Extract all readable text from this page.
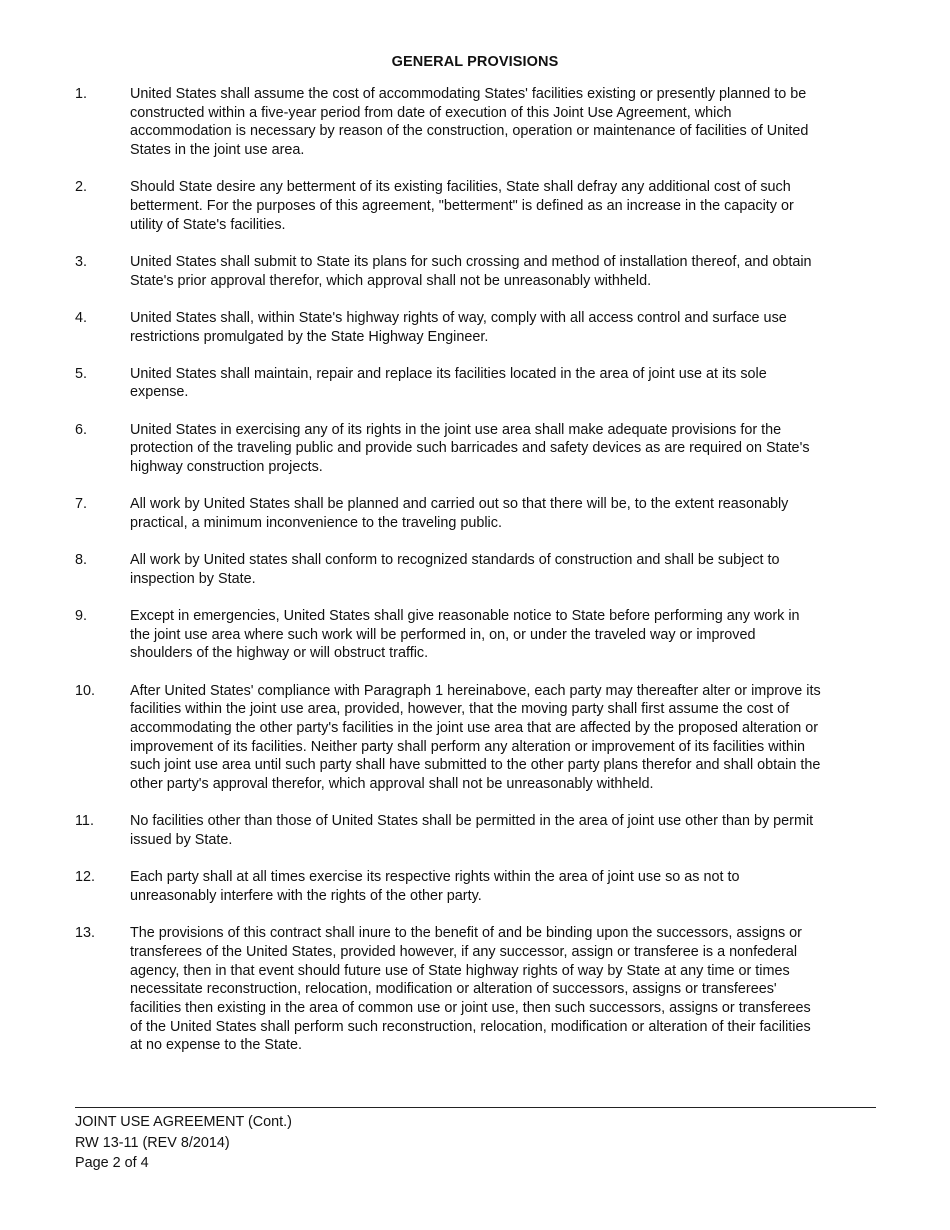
GENERAL PROVISIONS
1.	United States shall assume the cost of accommodating States' facilities existing or presently planned to be
constructed within a five-year period from date of execution of this Joint Use Agreement, which
accommodation is necessary by reason of the construction, operation or maintenance of facilities of United
States in the joint use area.
2.	Should State desire any betterment of its existing facilities, State shall defray any additional cost of such
betterment. For the purposes of this agreement, "betterment" is defined as an increase in the capacity or
utility of State's facilities.
3.	United States shall submit to State its plans for such crossing and method of installation thereof, and obtain
State's prior approval therefor, which approval shall not be unreasonably withheld.
4.	United States shall, within State's highway rights of way, comply with all access control and surface use
restrictions promulgated by the State Highway Engineer.
5.	United States shall maintain, repair and replace its facilities located in the area of joint use at its sole
expense.
6.	United States in exercising any of its rights in the joint use area shall make adequate provisions for the
protection of the traveling public and provide such barricades and safety devices as are required on State's
highway construction projects.
7.	All work by United States shall be planned and carried out so that there will be, to the extent reasonably
practical, a minimum inconvenience to the traveling public.
8.	All work by United states shall conform to recognized standards of construction and shall be subject to
inspection by State.
9.	Except in emergencies, United States shall give reasonable notice to State before performing any work in
the joint use area where such work will be performed in, on, or under the traveled way or improved
shoulders of the highway or will obstruct traffic.
10.	After United States' compliance with Paragraph 1 hereinabove, each party may thereafter alter or improve its
facilities within the joint use area, provided, however, that the moving party shall first assume the cost of
accommodating the other party's facilities in the joint use area that are affected by the proposed alteration or
improvement of its facilities. Neither party shall perform any alteration or improvement of its facilities within
such joint use area until such party shall have submitted to the other party plans therefor and shall obtain the
other party's approval therefor, which approval shall not be unreasonably withheld.
11.	No facilities other than those of United States shall be permitted in the area of joint use other than by permit
issued by State.
12.	Each party shall at all times exercise its respective rights within the area of joint use so as not to
unreasonably interfere with the rights of the other party.
13.	The provisions of this contract shall inure to the benefit of and be binding upon the successors, assigns or
transferees of the United States, provided however, if any successor, assign or transferee is a nonfederal
agency, then in that event should future use of State highway rights of way by State at any time or times
necessitate reconstruction, relocation, modification or alteration of successors, assigns or transferees'
facilities then existing in the area of common use or joint use, then such successors, assigns or transferees
of the United States shall perform such reconstruction, relocation, modification or alteration of their facilities
at no expense to the State.
JOINT USE AGREEMENT (Cont.)
RW 13-11 (REV 8/2014)
Page 2 of 4
